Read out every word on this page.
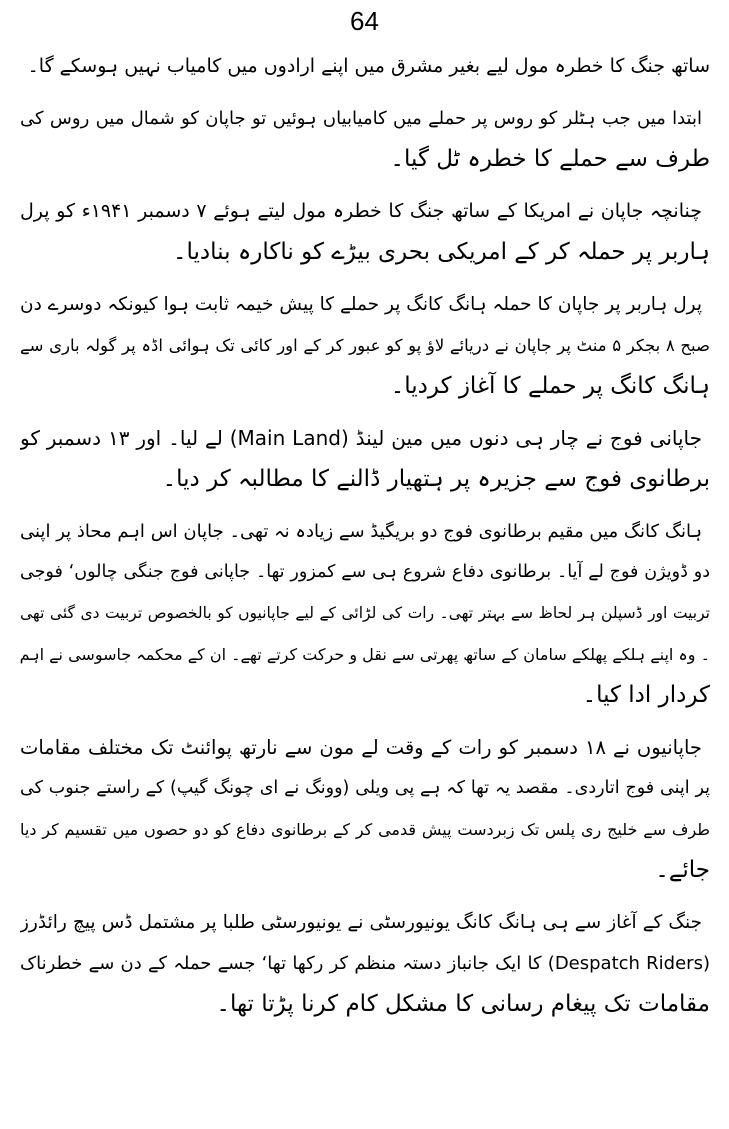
64
ساتھ جنگ کا خطرہ مول لیے بغیر مشرق میں اپنے ارادوں میں کامیاب نہیں ہوسکے گا۔
ابتدا میں جب ہٹلر کو روس پر حملے میں کامیابیاں ہوئیں تو جاپان کو شمال میں روس کی
طرف سے حملے کا خطرہ ٹل گیا۔
چنانچہ جاپان نے امریکا کے ساتھ جنگ کا خطرہ مول لیتے ہوئے ۷ دسمبر ۱۹۴۱ء کو پرل
ہاربر پر حملہ کر کے امریکی بحری بیڑے کو ناکارہ بنادیا۔
پرل ہاربر پر جاپان کا حملہ ہانگ کانگ پر حملے کا پیش خیمہ ثابت ہوا کیونکہ دوسرے دن
صبح ۸ بجکر ۵ منٹ پر جاپان نے دریائے لاؤ پو کو عبور کر کے اور کائی تک ہوائی اڈہ پر گولہ باری سے
ہانگ کانگ پر حملے کا آغاز کردیا۔
جاپانی فوج نے چار ہی دنوں میں مین لینڈ (Main Land) لے لیا۔ اور ۱۳ دسمبر کو
برطانوی فوج سے جزیرہ پر ہتھیار ڈالنے کا مطالبہ کر دیا۔
ہانگ کانگ میں مقیم برطانوی فوج دو بریگیڈ سے زیادہ نہ تھی۔ جاپان اس اہم محاذ پر اپنی
دو ڈویژن فوج لے آیا۔ برطانوی دفاع شروع ہی سے کمزور تھا۔ جاپانی فوج جنگی چالوں‘ فوجی
تربیت اور ڈسپلن ہر لحاظ سے بہتر تھی۔ رات کی لڑائی کے لیے جاپانیوں کو بالخصوص تربیت دی گئی تھی
۔ وہ اپنے ہلکے پھلکے سامان کے ساتھ پھرتی سے نقل و حرکت کرتے تھے۔ ان کے محکمہ جاسوسی نے اہم
کردار ادا کیا۔
جاپانیوں نے ۱۸ دسمبر کو رات کے وقت لے مون سے نارتھ پوائنٹ تک مختلف مقامات
پر اپنی فوج اتاردی۔ مقصد یہ تھا کہ ہے پی ویلی (وونگ نے ای چونگ گیپ) کے راستے جنوب کی
طرف سے خلیج ری پلس تک زبردست پیش قدمی کر کے برطانوی دفاع کو دو حصوں میں تقسیم کر دیا
جائے۔
جنگ کے آغاز سے ہی ہانگ کانگ یونیورسٹی نے یونیورسٹی طلبا پر مشتمل ڈس پیچ رائڈرز
(Despatch Riders) کا ایک جانباز دستہ منظم کر رکھا تھا‘ جسے حملہ کے دن سے خطرناک
مقامات تک پیغام رسانی کا مشکل کام کرنا پڑتا تھا۔
